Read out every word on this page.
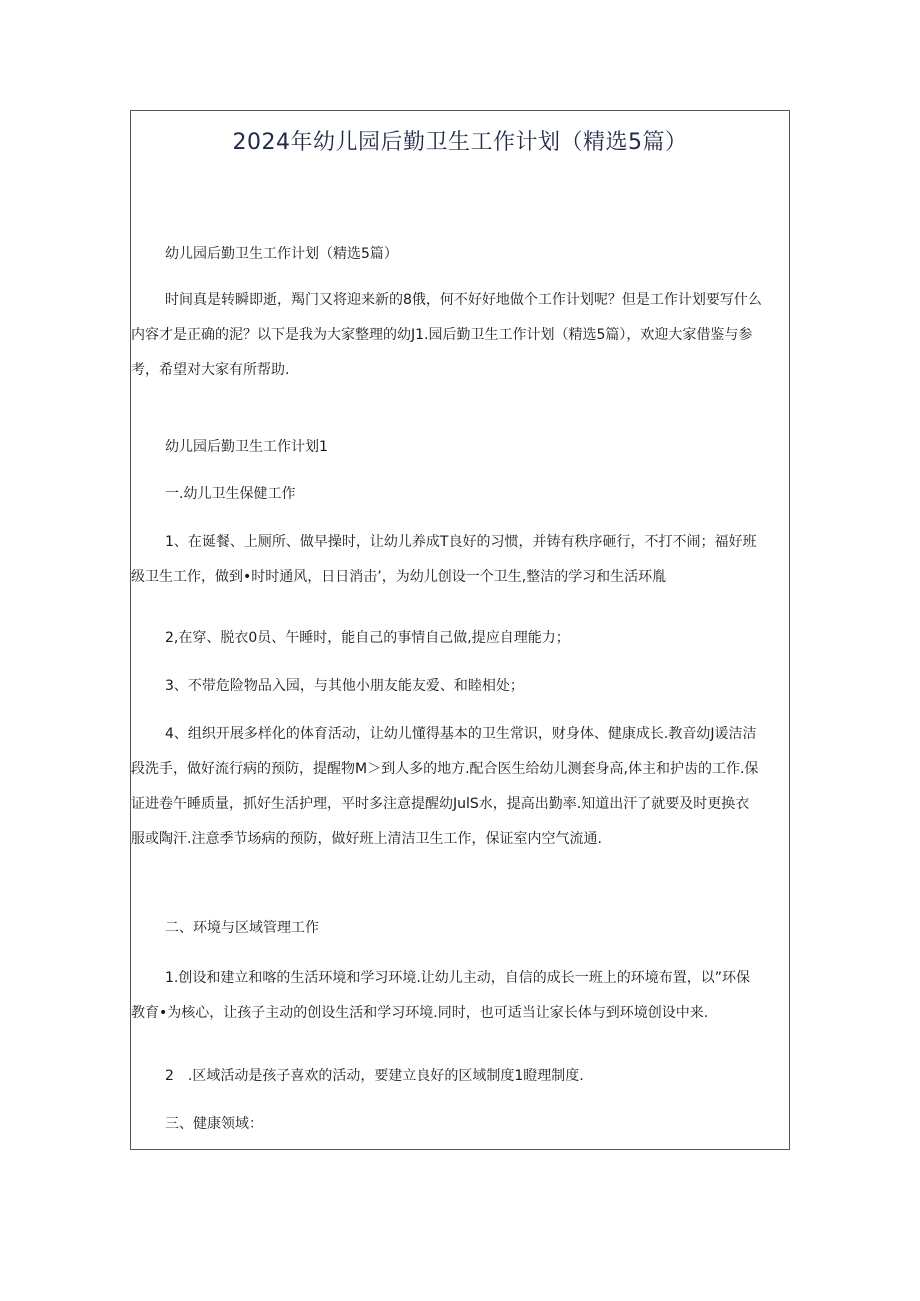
2024年幼儿园后勤卫生工作计划（精选5篇）

幼儿园后勤卫生工作计划（精选5篇）

时间真是转瞬即逝，羯门又将迎来新的8俄，何不好好地做个工作计划呢？但是工作计划要写什么
内容才是正确的泥？以下是我为大家整理的幼J1.园后勤卫生工作计划（精选5篇），欢迎大家借鉴与参
考，希望对大家有所帮助.

幼儿园后勤卫生工作计划1

一.幼儿卫生保健工作

1、在诞餐、上厕所、做早操时，让幼儿养成T良好的习惯，并铸有秩序砸行，不打不闹；福好班
级卫生工作，做到•时时通风，日日消击’，为幼儿创设一个卫生,整洁的学习和生活环胤

2,在穿、脱衣0员、午睡时，能自己的事情自己做,提应自理能力；

3、不带危险物品入园，与其他小朋友能友爱、和睦相处；

4、组织开展多样化的体育活动，让幼儿懂得基本的卫生常识，财身体、健康成长.教音幼J谖洁洁
段洗手，做好流行病的预防，提醒物M＞到人多的地方.配合医生给幼儿测套身高,体主和护齿的工作.保
证进卷午睡质量，抓好生活护理，平时多注意提醒幼JulS水，提高出勤率.知道出汗了就要及时更换衣
服或陶汗.注意季节场病的预防，做好班上清洁卫生工作，保证室内空气流通.

二、环境与区域管理工作

1.创设和建立和喀的生活环境和学习环境.让幼儿主动，自信的成长一班上的环境布置，以”环保
教育•为核心，让孩子主动的创设生活和学习环境.同时，也可适当让家长体与到环境创设中来.

2　.区域活动是孩子喜欢的活动，要建立良好的区域制度1瞪理制度.

三、健康领域：
